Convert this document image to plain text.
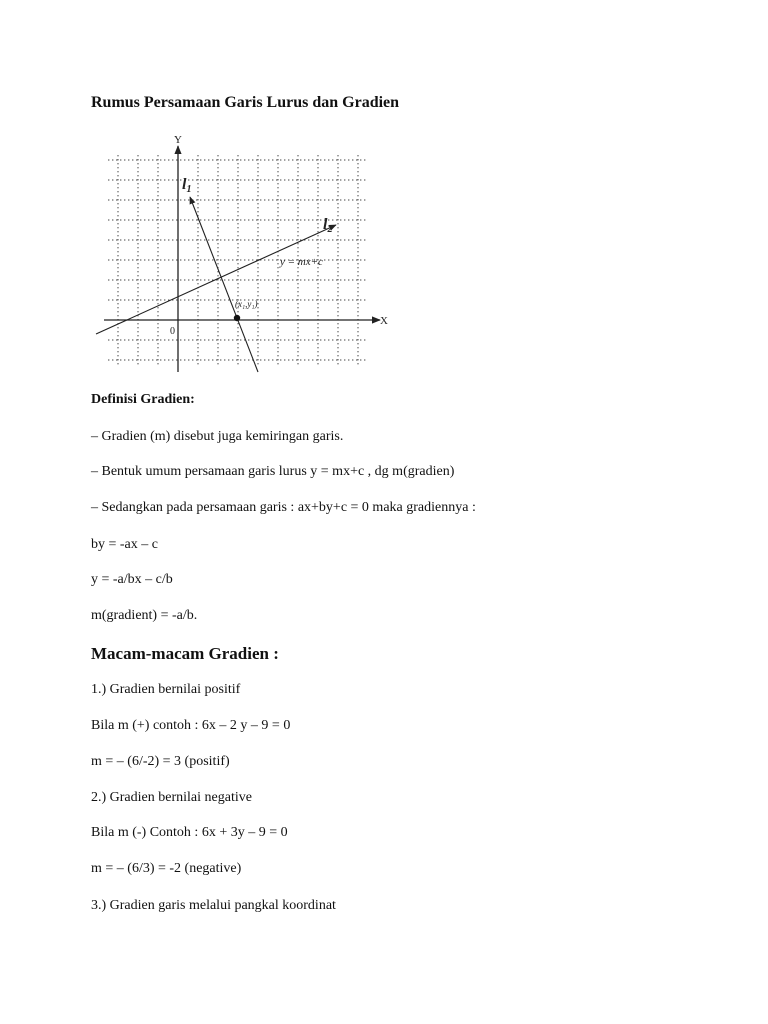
Rumus Persamaan Garis Lurus dan Gradien
Y
X
0
l1
l2
y = mx+c
(x₁,y₁)
Definisi Gradien:
– Gradien (m) disebut juga kemiringan garis.
– Bentuk umum persamaan garis lurus y = mx+c , dg m(gradien)
– Sedangkan pada persamaan garis : ax+by+c = 0 maka gradiennya :
by = -ax – c
y = -a/bx – c/b
m(gradient) = -a/b.
Macam-macam Gradien :
1.) Gradien bernilai positif
Bila m (+) contoh : 6x – 2 y – 9 = 0
m = – (6/-2) = 3 (positif)
2.) Gradien bernilai negative
Bila m (-) Contoh : 6x + 3y – 9 = 0
m = – (6/3) = -2 (negative)
3.) Gradien garis melalui pangkal koordinat
